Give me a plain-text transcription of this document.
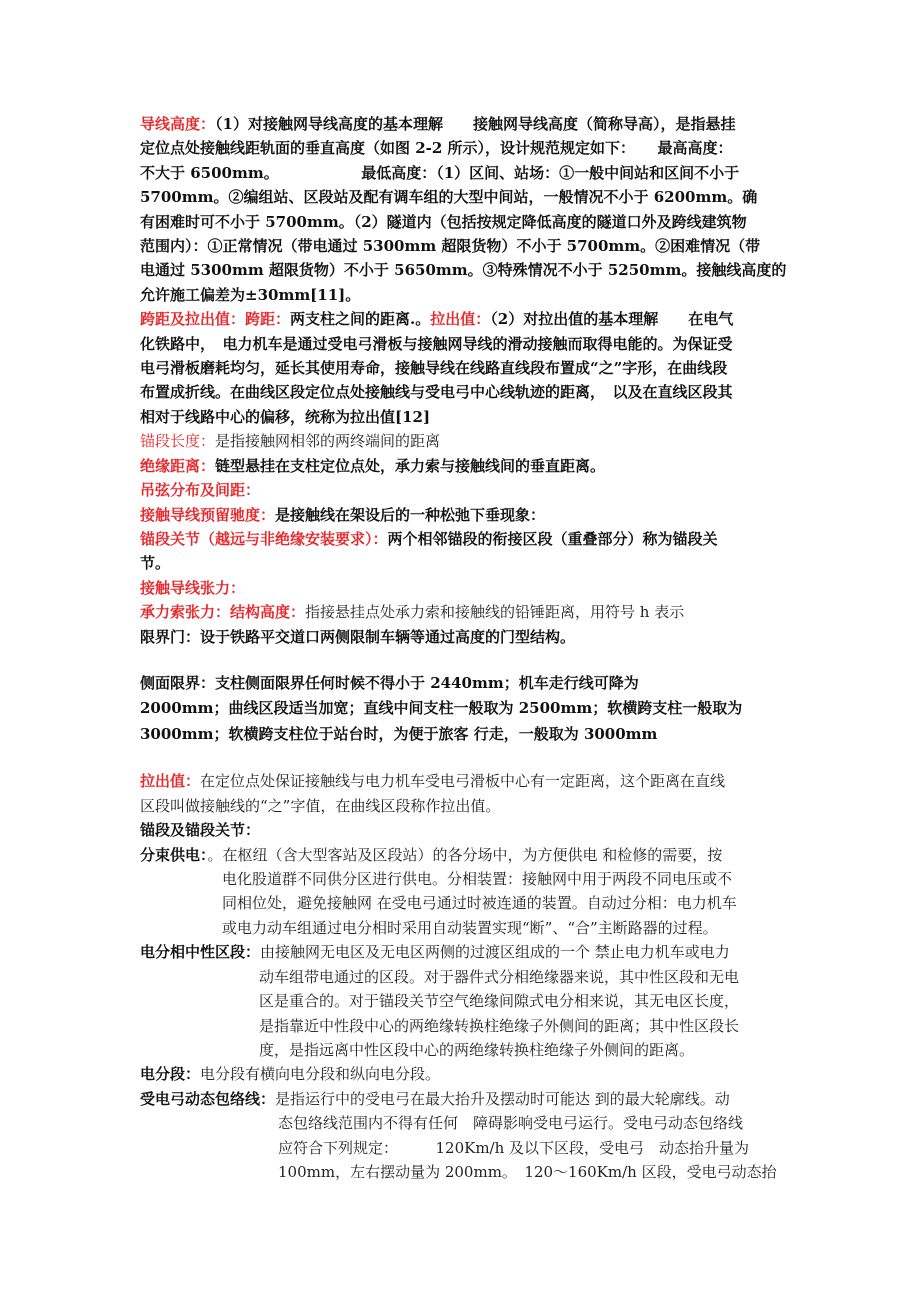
导线高度：（1）对接触网导线高度的基本理解　　接触网导线高度（简称导高），是指悬挂
定位点处接触线距轨面的垂直高度（如图 2-2 所示），设计规范规定如下：　　最高高度：
不大于 6500mm。　　　　　　最低高度：（1）区间、站场：①一般中间站和区间不小于
5700mm。②编组站、区段站及配有调车组的大型中间站，一般情况不小于 6200mm。确
有困难时可不小于 5700mm。（2）隧道内（包括按规定降低高度的隧道口外及跨线建筑物
范围内）：①正常情况（带电通过 5300mm 超限货物）不小于 5700mm。②困难情况（带
电通过 5300mm 超限货物）不小于 5650mm。③特殊情况不小于 5250mm。接触线高度的
允许施工偏差为±30mm[11]。
跨距及拉出值：跨距：两支柱之间的距离.。拉出值：（2）对拉出值的基本理解　　在电气
化铁路中，　电力机车是通过受电弓滑板与接触网导线的滑动接触而取得电能的。为保证受
电弓滑板磨耗均匀，延长其使用寿命，接触导线在线路直线段布置成“之”字形，在曲线段
布置成折线。在曲线区段定位点处接触线与受电弓中心线轨迹的距离，　以及在直线区段其
相对于线路中心的偏移，统称为拉出值[12]
锚段长度：是指接触网相邻的两终端间的距离
绝缘距离：链型悬挂在支柱定位点处，承力索与接触线间的垂直距离。
吊弦分布及间距：
接触导线预留驰度：是接触线在架设后的一种松弛下垂现象：
锚段关节（越远与非绝缘安装要求）：两个相邻锚段的衔接区段（重叠部分）称为锚段关
节。
接触导线张力：
承力索张力：结构高度：指接悬挂点处承力索和接触线的铅锤距离，用符号 h 表示
限界门：设于铁路平交道口两侧限制车辆等通过高度的门型结构。
侧面限界：支柱侧面限界任何时候不得小于 2440mm；机车走行线可降为
2000mm；曲线区段适当加宽；直线中间支柱一般取为 2500mm；软横跨支柱一般取为
3000mm；软横跨支柱位于站台时，为便于旅客 行走，一般取为 3000mm
拉出值：在定位点处保证接触线与电力机车受电弓滑板中心有一定距离，这个距离在直线
区段叫做接触线的“之”字值，在曲线区段称作拉出值。
锚段及锚段关节：
分束供电：。在枢纽（含大型客站及区段站）的各分场中，为方便供电 和检修的需要，按
电化股道群不同供分区进行供电。分相装置：接触网中用于两段不同电压或不
同相位处，避免接触网 在受电弓通过时被连通的装置。自动过分相：电力机车
或电力动车组通过电分相时采用自动装置实现“断”、“合”主断路器的过程。
电分相中性区段：由接触网无电区及无电区两侧的过渡区组成的一个 禁止电力机车或电力
动车组带电通过的区段。对于器件式分相绝缘器来说，其中性区段和无电
区是重合的。对于锚段关节空气绝缘间隙式电分相来说，其无电区长度，
是指靠近中性段中心的两绝缘转换柱绝缘子外侧间的距离；其中性区段长
度，是指远离中性区段中心的两绝缘转换柱绝缘子外侧间的距离。
电分段：电分段有横向电分段和纵向电分段。
受电弓动态包络线：是指运行中的受电弓在最大抬升及摆动时可能达 到的最大轮廓线。动
态包络线范围内不得有任何　障碍影响受电弓运行。受电弓动态包络线
应符合下列规定：　　　120Km/h 及以下区段，受电弓　动态抬升量为
100mm，左右摆动量为 200mm。　120～160Km/h 区段，受电弓动态抬
